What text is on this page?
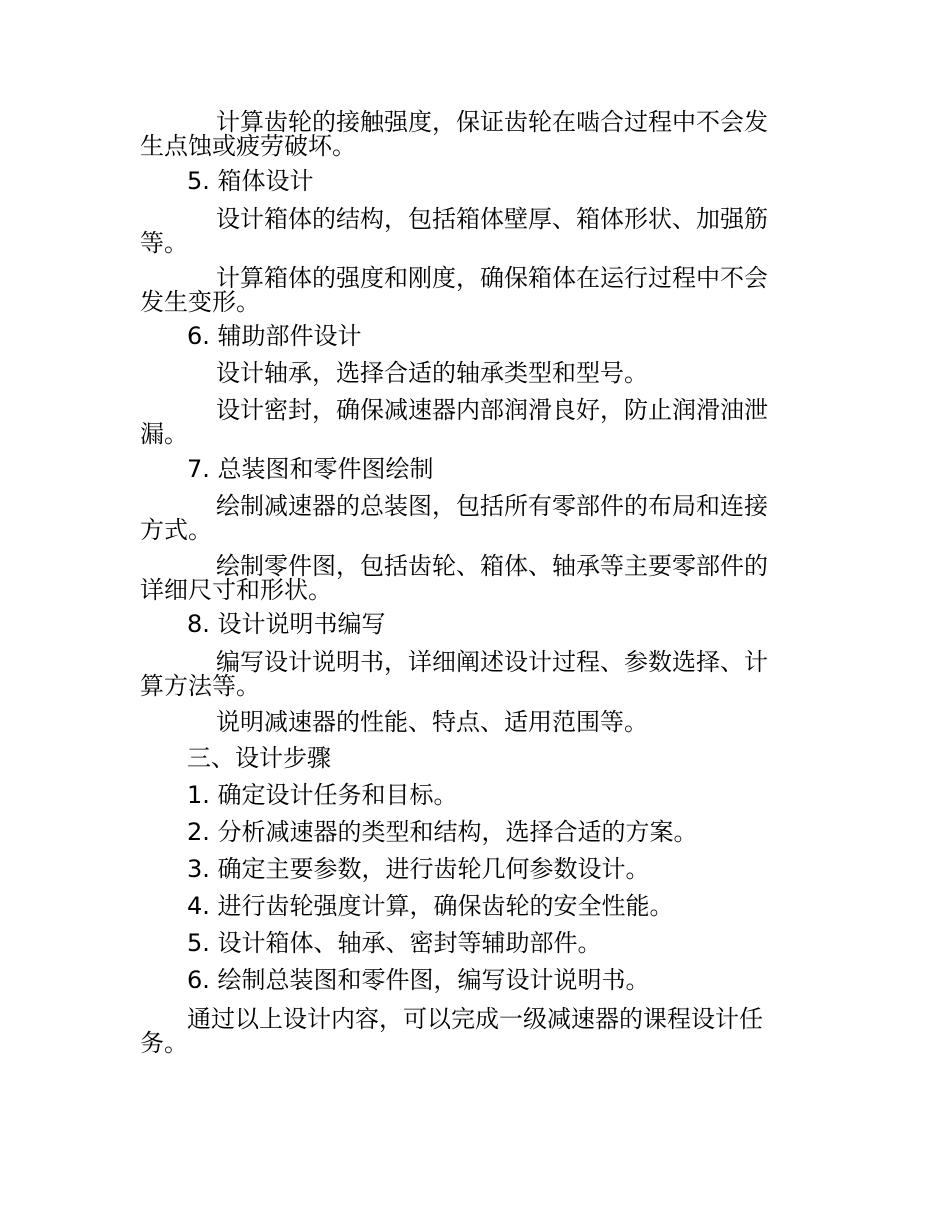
计算齿轮的接触强度，保证齿轮在啮合过程中不会发
生点蚀或疲劳破坏。
5. 箱体设计
设计箱体的结构，包括箱体壁厚、箱体形状、加强筋
等。
计算箱体的强度和刚度，确保箱体在运行过程中不会
发生变形。
6. 辅助部件设计
设计轴承，选择合适的轴承类型和型号。
设计密封，确保减速器内部润滑良好，防止润滑油泄
漏。
7. 总装图和零件图绘制
绘制减速器的总装图，包括所有零部件的布局和连接
方式。
绘制零件图，包括齿轮、箱体、轴承等主要零部件的
详细尺寸和形状。
8. 设计说明书编写
编写设计说明书，详细阐述设计过程、参数选择、计
算方法等。
说明减速器的性能、特点、适用范围等。
三、设计步骤
1. 确定设计任务和目标。
2. 分析减速器的类型和结构，选择合适的方案。
3. 确定主要参数，进行齿轮几何参数设计。
4. 进行齿轮强度计算，确保齿轮的安全性能。
5. 设计箱体、轴承、密封等辅助部件。
6. 绘制总装图和零件图，编写设计说明书。
通过以上设计内容，可以完成一级减速器的课程设计任
务。
